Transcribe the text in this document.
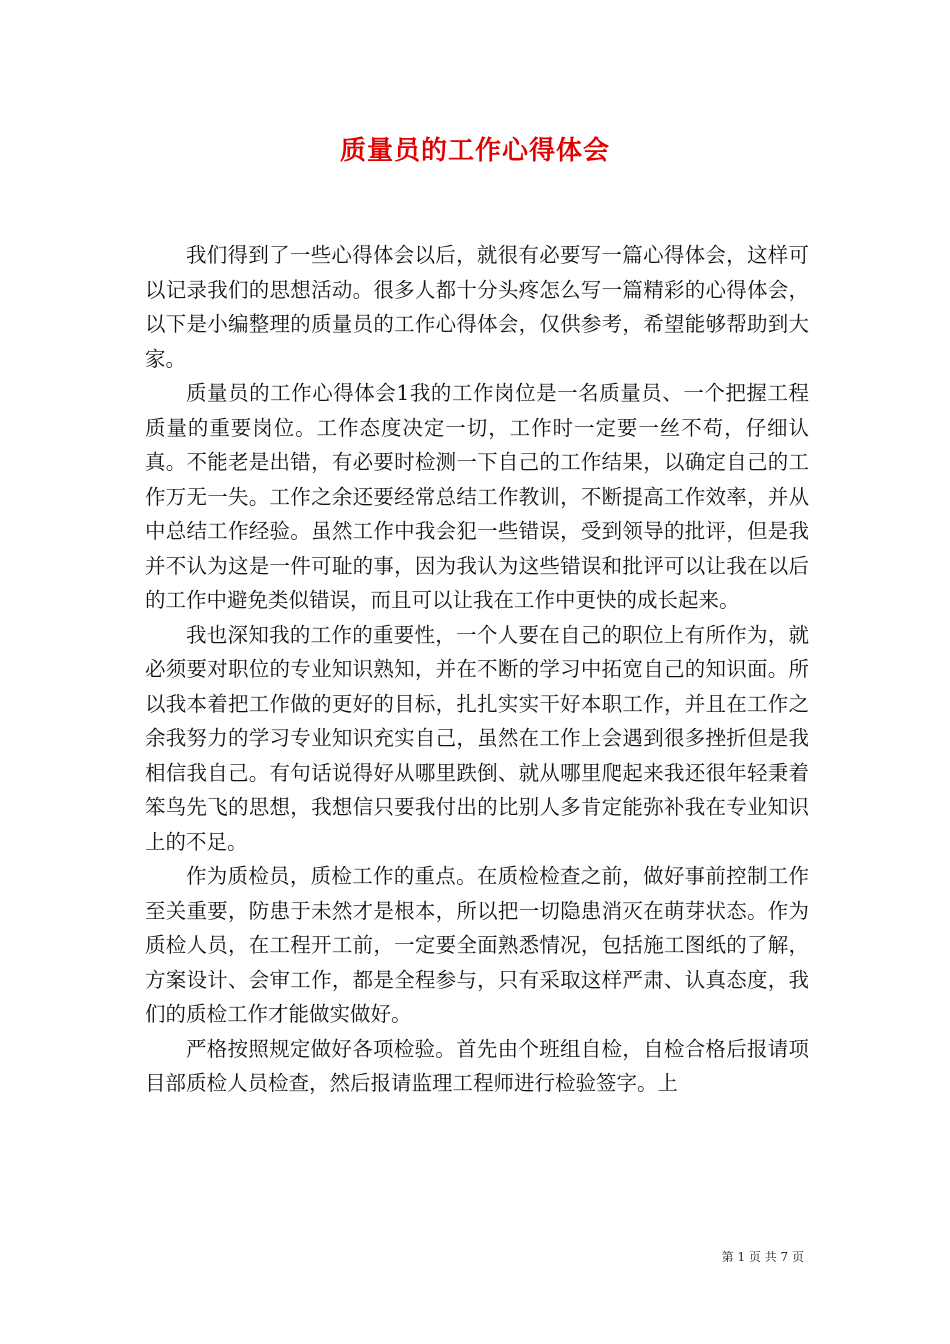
质量员的工作心得体会

我们得到了一些心得体会以后，就很有必要写一篇心得体会，这样可以记录我们的思想活动。很多人都十分头疼怎么写一篇精彩的心得体会，以下是小编整理的质量员的工作心得体会，仅供参考，希望能够帮助到大家。

质量员的工作心得体会1我的工作岗位是一名质量员、一个把握工程质量的重要岗位。工作态度决定一切，工作时一定要一丝不苟，仔细认真。不能老是出错，有必要时检测一下自己的工作结果，以确定自己的工作万无一失。工作之余还要经常总结工作教训，不断提高工作效率，并从中总结工作经验。虽然工作中我会犯一些错误，受到领导的批评，但是我并不认为这是一件可耻的事，因为我认为这些错误和批评可以让我在以后的工作中避免类似错误，而且可以让我在工作中更快的成长起来。

我也深知我的工作的重要性，一个人要在自己的职位上有所作为，就必须要对职位的专业知识熟知，并在不断的学习中拓宽自己的知识面。所以我本着把工作做的更好的目标，扎扎实实干好本职工作，并且在工作之余我努力的学习专业知识充实自己，虽然在工作上会遇到很多挫折但是我相信我自己。有句话说得好从哪里跌倒、就从哪里爬起来我还很年轻秉着笨鸟先飞的思想，我想信只要我付出的比别人多肯定能弥补我在专业知识上的不足。

作为质检员，质检工作的重点。在质检检查之前，做好事前控制工作至关重要，防患于未然才是根本，所以把一切隐患消灭在萌芽状态。作为质检人员，在工程开工前，一定要全面熟悉情况，包括施工图纸的了解，方案设计、会审工作，都是全程参与，只有采取这样严肃、认真态度，我们的质检工作才能做实做好。

严格按照规定做好各项检验。首先由个班组自检，自检合格后报请项目部质检人员检查，然后报请监理工程师进行检验签字。上

第 1 页 共 7 页
